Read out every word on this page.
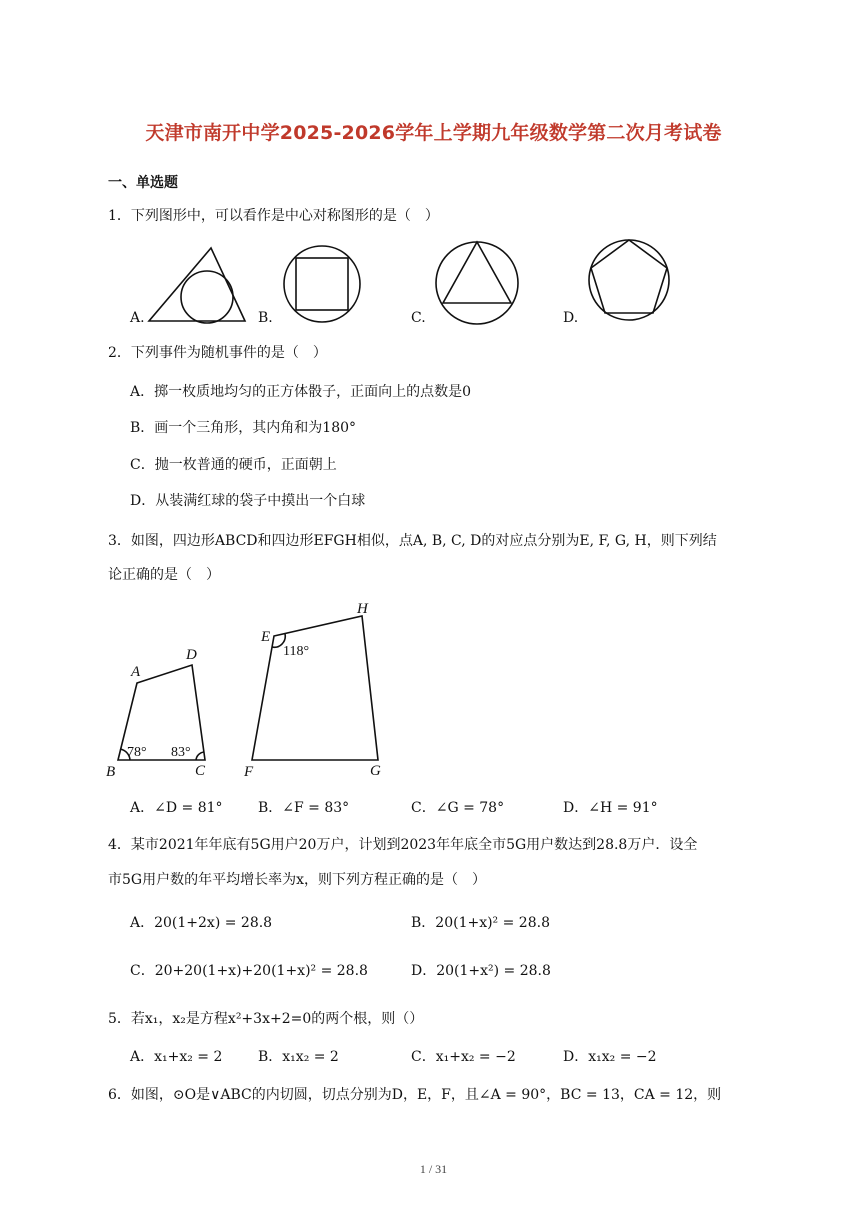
天津市南开中学2025-2026学年上学期九年级数学第二次月考试卷
一、单选题
1．下列图形中，可以看作是中心对称图形的是（　）
A.	B.	C.	D.
2．下列事件为随机事件的是（　）
A．掷一枚质地均匀的正方体骰子，正面向上的点数是0
B．画一个三角形，其内角和为180°
C．抛一枚普通的硬币，正面朝上
D．从装满红球的袋子中摸出一个白球
3．如图，四边形ABCD和四边形EFGH相似，点A, B, C, D的对应点分别为E, F, G, H，则下列结
论正确的是（　）
A
D
B	C
E
H
F	G
78° 83°
118°
A．∠D = 81°	B．∠F = 83°	C．∠G = 78°	D．∠H = 91°
4．某市2021年年底有5G用户20万户，计划到2023年年底全市5G用户数达到28.8万户．设全
市5G用户数的年平均增长率为x，则下列方程正确的是（　）
A．20(1+2x) = 28.8	B．20(1+x)² = 28.8
C．20+20(1+x)+20(1+x)² = 28.8	D．20(1+x²) = 28.8
5．若x₁，x₂是方程x²+3x+2=0的两个根，则（）
A．x₁+x₂ = 2	B．x₁x₂ = 2	C．x₁+x₂ = −2	D．x₁x₂ = −2
6．如图，⊙O是∨ABC的内切圆，切点分别为D，E，F，且∠A = 90°，BC = 13，CA = 12，则
1 / 31
